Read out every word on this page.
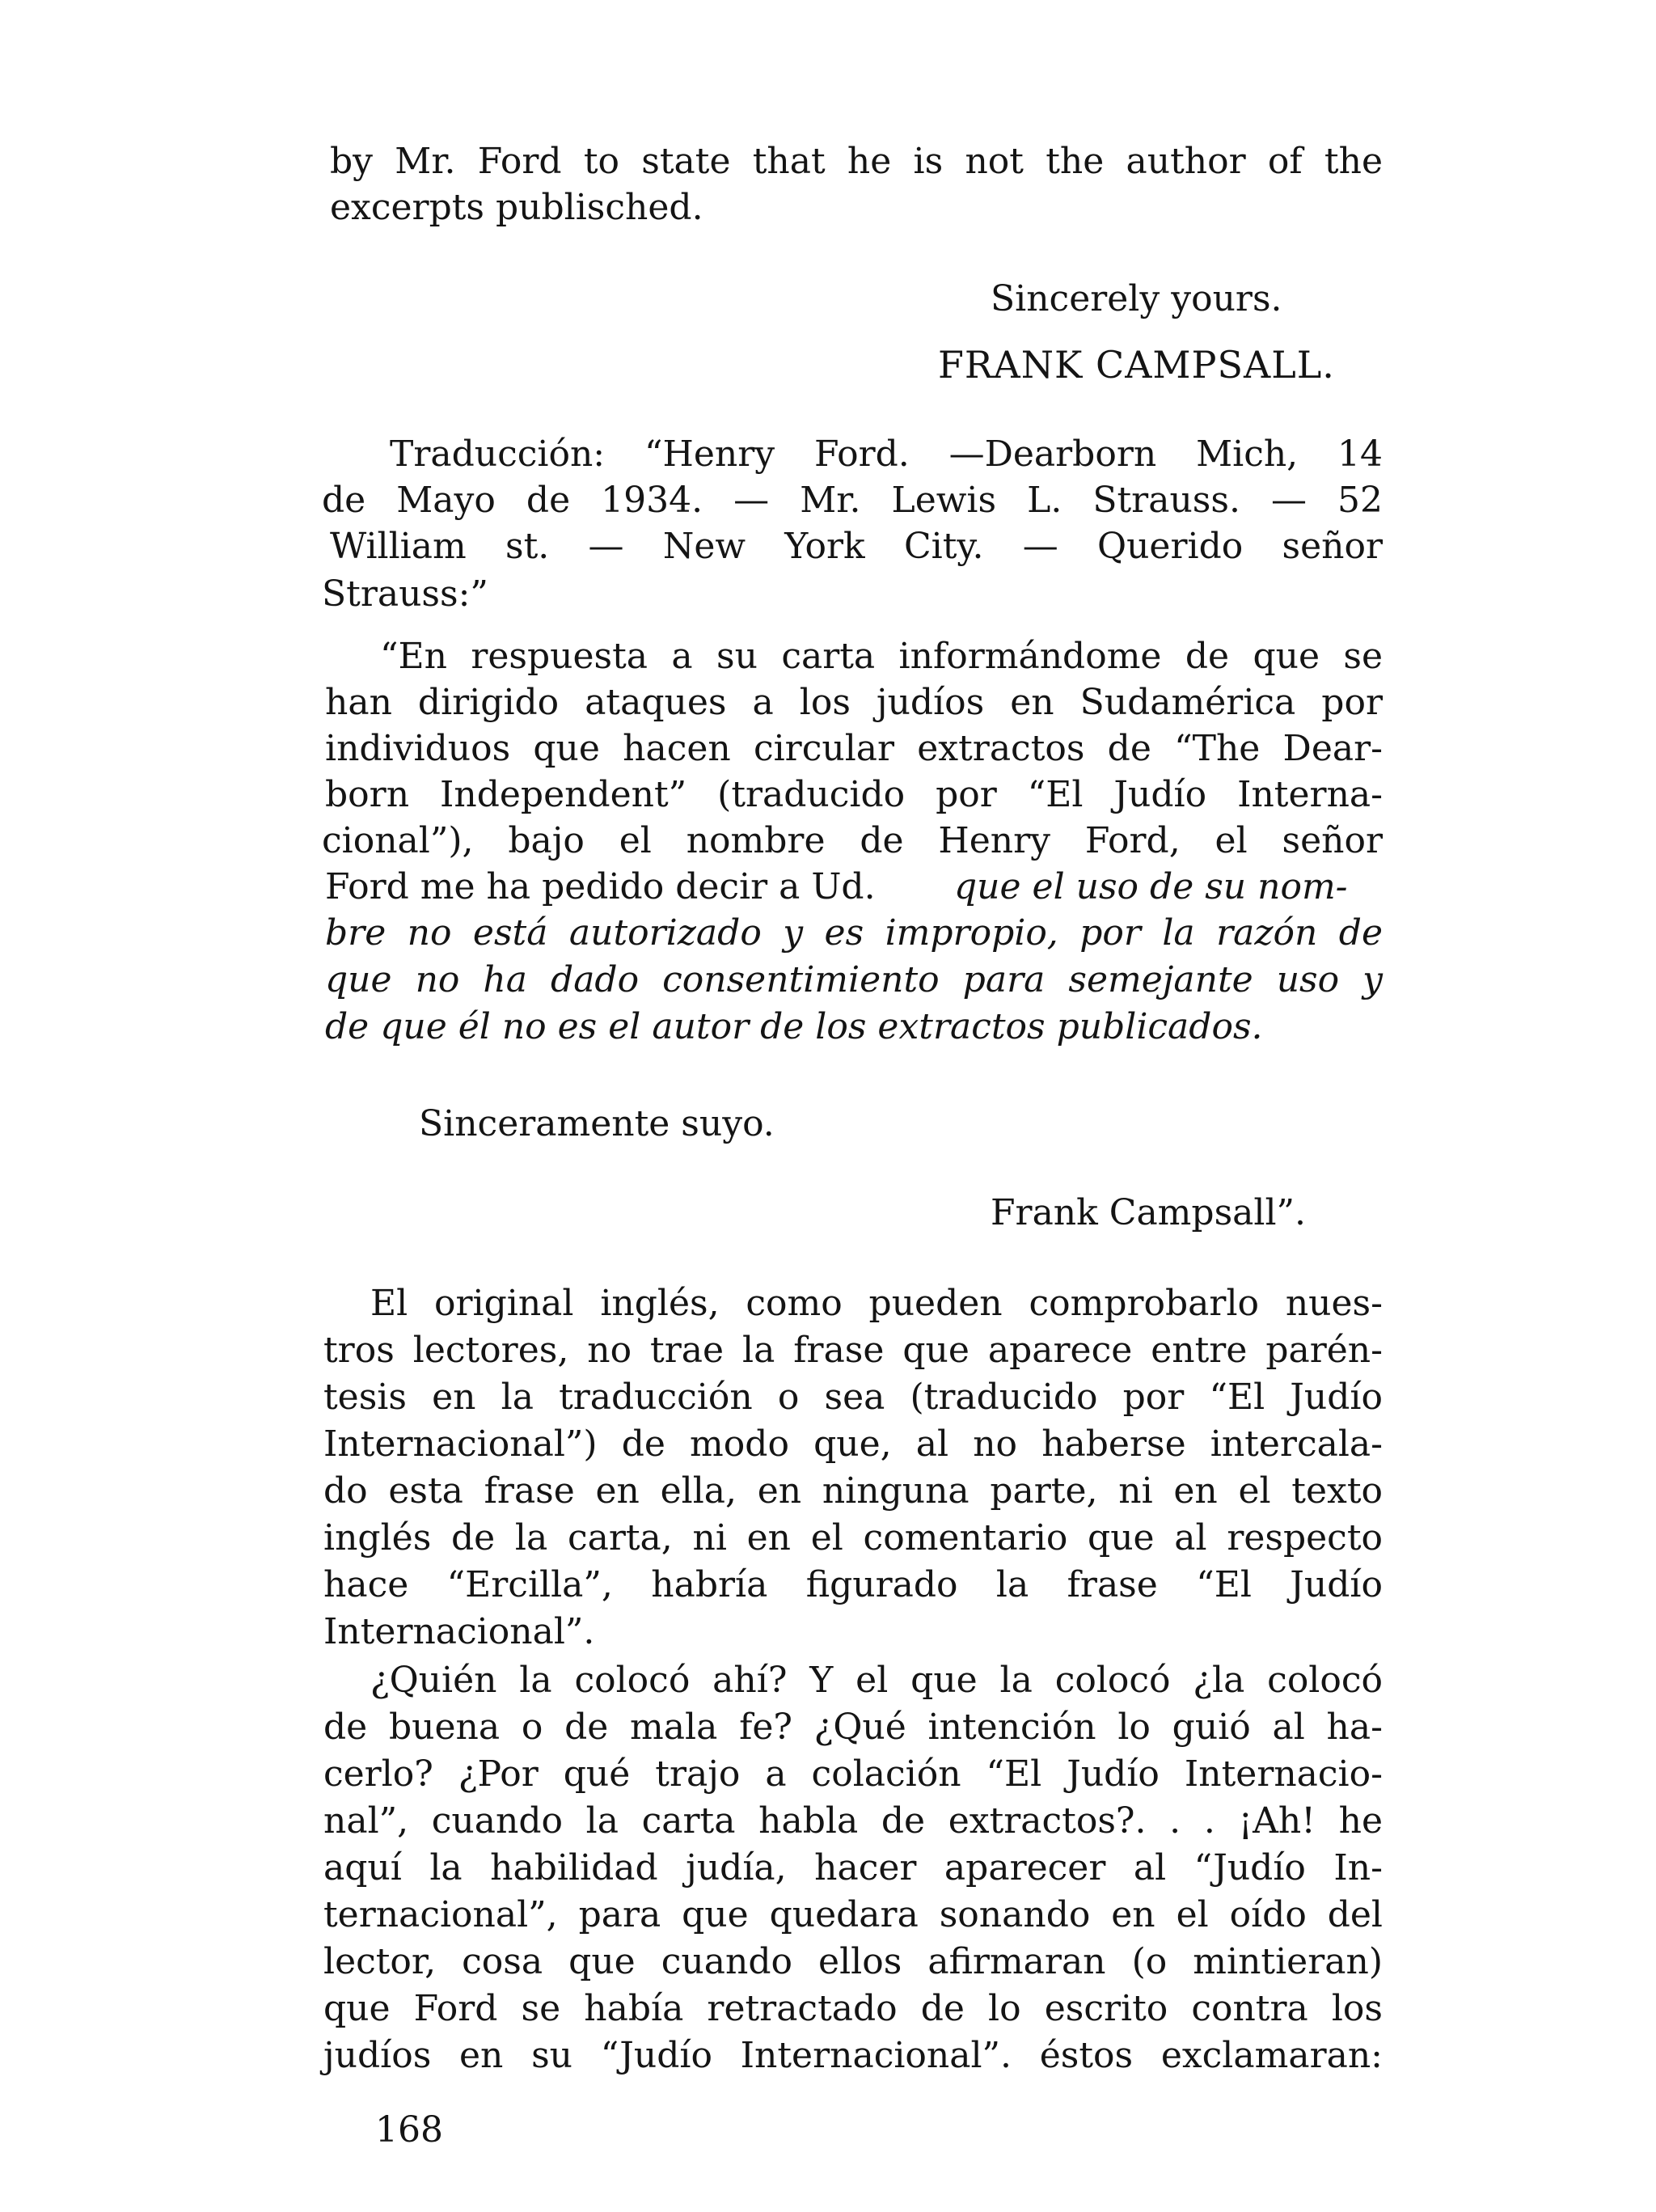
by Mr. Ford to state that he is not the author of the
excerpts publisched.
Sincerely yours.
FRANK CAMPSALL.
Traducción: “Henry Ford. —Dearborn Mich, 14
de Mayo de 1934. — Mr. Lewis L. Strauss. — 52
William st. — New York City. — Querido señor
Strauss:”
“En respuesta a su carta informándome de que se
han dirigido ataques a los judíos en Sudamérica por
individuos que hacen circular extractos de “The Dear-
born Independent” (traducido por “El Judío Interna-
cional”), bajo el nombre de Henry Ford, el señor
Ford me ha pedido decir a Ud. que el uso de su nom-
bre no está autorizado y es impropio, por la razón de
que no ha dado consentimiento para semejante uso y
de que él no es el autor de los extractos publicados.
Sinceramente suyo.
Frank Campsall”.
El original inglés, como pueden comprobarlo nues-
tros lectores, no trae la frase que aparece entre parén-
tesis en la traducción o sea (traducido por “El Judío
Internacional”) de modo que, al no haberse intercala-
do esta frase en ella, en ninguna parte, ni en el texto
inglés de la carta, ni en el comentario que al respecto
hace “Ercilla”, habría figurado la frase “El Judío
Internacional”.
¿Quién la colocó ahí? Y el que la colocó ¿la colocó
de buena o de mala fe? ¿Qué intención lo guió al ha-
cerlo? ¿Por qué trajo a colación “El Judío Internacio-
nal”, cuando la carta habla de extractos?. . . ¡Ah! he
aquí la habilidad judía, hacer aparecer al “Judío In-
ternacional”, para que quedara sonando en el oído del
lector, cosa que cuando ellos afirmaran (o mintieran)
que Ford se había retractado de lo escrito contra los
judíos en su “Judío Internacional”. éstos exclamaran:
168
